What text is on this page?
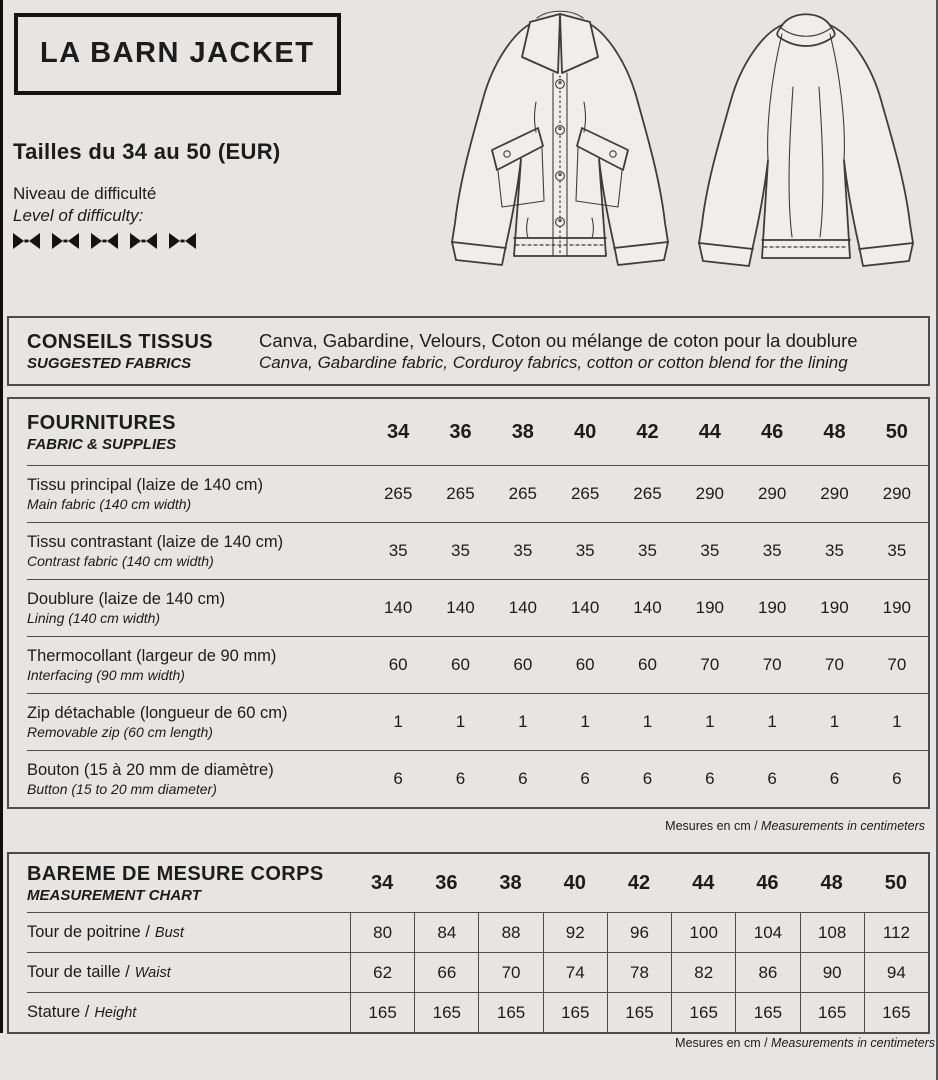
LA BARN JACKET
Tailles du 34 au 50 (EUR)
Niveau de difficulté
Level of difficulty:
CONSEILS TISSUS
SUGGESTED FABRICS
Canva, Gabardine, Velours, Coton ou mélange de coton pour la doublure
Canva, Gabardine fabric, Corduroy fabrics, cotton or cotton blend for the lining
FOURNITURES
FABRIC & SUPPLIES
34	36	38	40	42	44	46	48	50
Tissu principal (laize de 140 cm)
Main fabric (140 cm width)
265	265	265	265	265	290	290	290	290
Tissu contrastant (laize de 140 cm)
Contrast fabric (140 cm width)
35	35	35	35	35	35	35	35	35
Doublure (laize de 140 cm)
Lining (140 cm width)
140	140	140	140	140	190	190	190	190
Thermocollant (largeur de 90 mm)
Interfacing (90 mm width)
60	60	60	60	60	70	70	70	70
Zip détachable (longueur de 60 cm)
Removable zip (60 cm length)
1	1	1	1	1	1	1	1	1
Bouton (15 à 20 mm de diamètre)
Button (15 to 20 mm diameter)
6	6	6	6	6	6	6	6	6
Mesures en cm / Measurements in centimeters
BAREME DE MESURE CORPS
MEASUREMENT CHART
34	36	38	40	42	44	46	48	50
Tour de poitrine / Bust	80	84	88	92	96	100	104	108	112
Tour de taille / Waist	62	66	70	74	78	82	86	90	94
Stature / Height	165	165	165	165	165	165	165	165	165
Mesures en cm / Measurements in centimeters
